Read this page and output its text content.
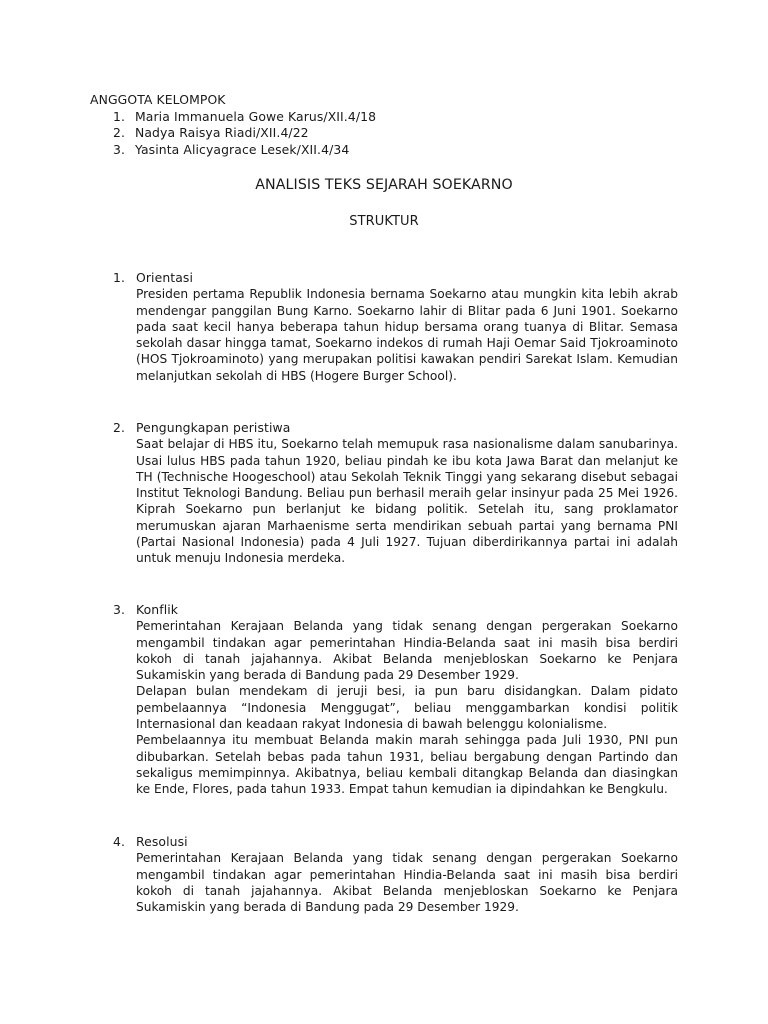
ANGGOTA KELOMPOK
1. Maria Immanuela Gowe Karus/XII.4/18
2. Nadya Raisya Riadi/XII.4/22
3. Yasinta Alicyagrace Lesek/XII.4/34
ANALISIS TEKS SEJARAH SOEKARNO
STRUKTUR
1. Orientasi

Presiden pertama Republik Indonesia bernama Soekarno atau mungkin kita lebih akrab mendengar panggilan Bung Karno. Soekarno lahir di Blitar pada 6 Juni 1901. Soekarno pada saat kecil hanya beberapa tahun hidup bersama orang tuanya di Blitar. Semasa sekolah dasar hingga tamat, Soekarno indekos di rumah Haji Oemar Said Tjokroaminoto (HOS Tjokroaminoto) yang merupakan politisi kawakan pendiri Sarekat Islam. Kemudian melanjutkan sekolah di HBS (Hogere Burger School).

2. Pengungkapan peristiwa

Saat belajar di HBS itu, Soekarno telah memupuk rasa nasionalisme dalam sanubarinya. Usai lulus HBS pada tahun 1920, beliau pindah ke ibu kota Jawa Barat dan melanjut ke TH (Technische Hoogeschool) atau Sekolah Teknik Tinggi yang sekarang disebut sebagai Institut Teknologi Bandung. Beliau pun berhasil meraih gelar insinyur pada 25 Mei 1926. Kiprah Soekarno pun berlanjut ke bidang politik. Setelah itu, sang proklamator merumuskan ajaran Marhaenisme serta mendirikan sebuah partai yang bernama PNI (Partai Nasional Indonesia) pada 4 Juli 1927. Tujuan diberdirikannya partai ini adalah untuk menuju Indonesia merdeka.

3. Konflik

Pemerintahan Kerajaan Belanda yang tidak senang dengan pergerakan Soekarno mengambil tindakan agar pemerintahan Hindia-Belanda saat ini masih bisa berdiri kokoh di tanah jajahannya. Akibat Belanda menjebloskan Soekarno ke Penjara Sukamiskin yang berada di Bandung pada 29 Desember 1929.

Delapan bulan mendekam di jeruji besi, ia pun baru disidangkan. Dalam pidato pembelaannya “Indonesia Menggugat”, beliau menggambarkan kondisi politik Internasional dan keadaan rakyat Indonesia di bawah belenggu kolonialisme.

Pembelaannya itu membuat Belanda makin marah sehingga pada Juli 1930, PNI pun dibubarkan. Setelah bebas pada tahun 1931, beliau bergabung dengan Partindo dan sekaligus memimpinnya. Akibatnya, beliau kembali ditangkap Belanda dan diasingkan ke Ende, Flores, pada tahun 1933. Empat tahun kemudian ia dipindahkan ke Bengkulu.

4. Resolusi

Pemerintahan Kerajaan Belanda yang tidak senang dengan pergerakan Soekarno mengambil tindakan agar pemerintahan Hindia-Belanda saat ini masih bisa berdiri kokoh di tanah jajahannya. Akibat Belanda menjebloskan Soekarno ke Penjara Sukamiskin yang berada di Bandung pada 29 Desember 1929.
